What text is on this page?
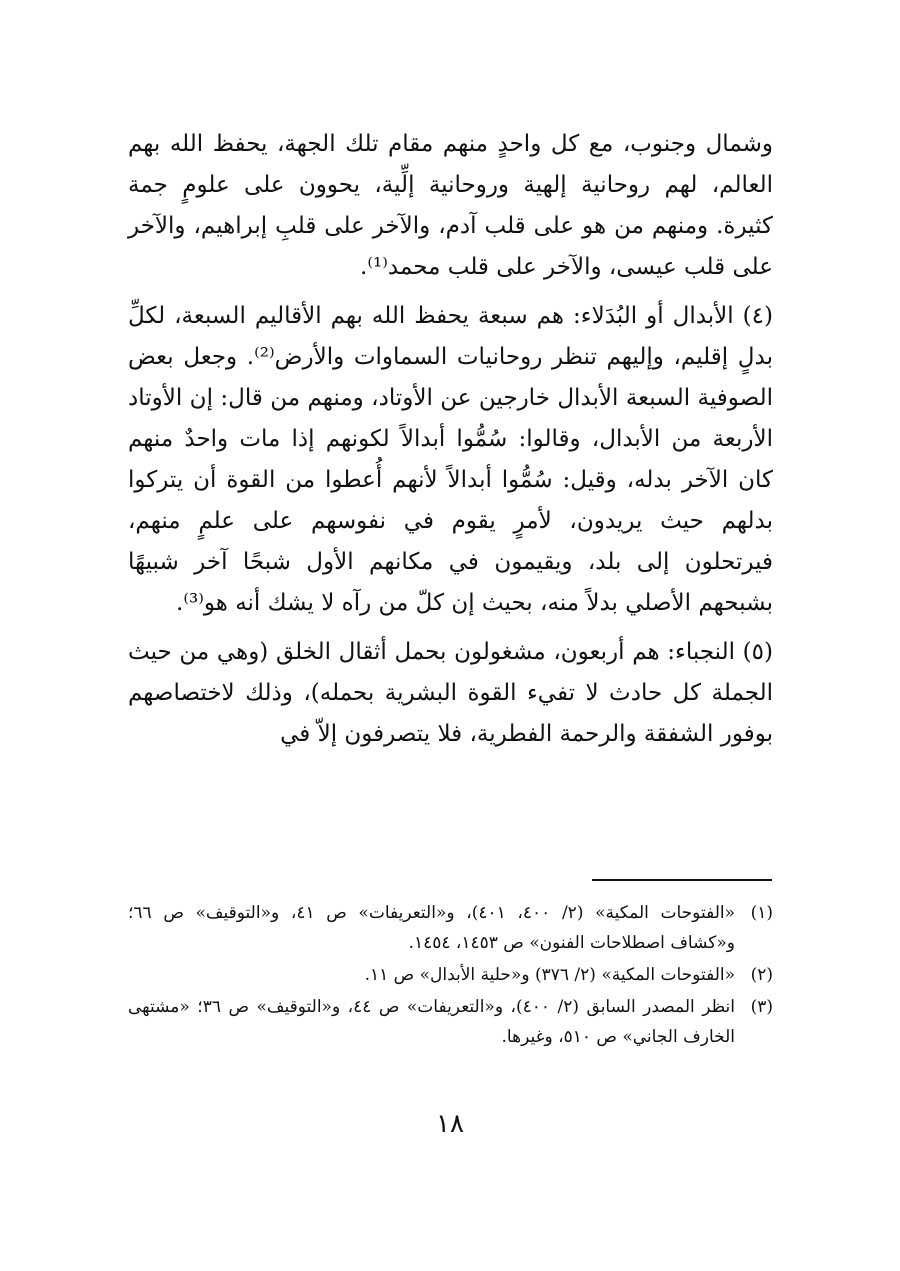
وشمال وجنوب، مع كل واحدٍ منهم مقام تلك الجهة، يحفظ الله بهم العالم، لهم روحانية إلهية وروحانية إلِّية، يحوون على علومٍ جمة كثيرة. ومنهم من هو على قلب آدم، والآخر على قلبِ إبراهيم، والآخر على قلب عيسى، والآخر على قلب محمد⁽¹⁾.

(٤) الأبدال أو البُدَلاء: هم سبعة يحفظ الله بهم الأقاليم السبعة، لكلِّ بدلٍ إقليم، وإليهم تنظر روحانيات السماوات والأرض⁽²⁾. وجعل بعض الصوفية السبعة الأبدال خارجين عن الأوتاد، ومنهم من قال: إن الأوتاد الأربعة من الأبدال، وقالوا: سُمُّوا أبدالاً لكونهم إذا مات واحدٌ منهم كان الآخر بدله، وقيل: سُمُّوا أبدالاً لأنهم أُعطوا من القوة أن يتركوا بدلهم حيث يريدون، لأمرٍ يقوم في نفوسهم على علمٍ منهم، فيرتحلون إلى بلد، ويقيمون في مكانهم الأول شبحًا آخر شبيهًا بشبحهم الأصلي بدلاً منه، بحيث إن كلّ من رآه لا يشك أنه هو⁽³⁾.

(٥) النجباء: هم أربعون، مشغولون بحمل أثقال الخلق (وهي من حيث الجملة كل حادث لا تفيء القوة البشرية بحمله)، وذلك لاختصاصهم بوفور الشفقة والرحمة الفطرية، فلا يتصرفون إلاّ في

(١)
«الفتوحات المكية» (٢/ ٤٠٠، ٤٠١)، و«التعريفات» ص ٤١، و«التوقيف» ص ٦٦؛ و«كشاف اصطلاحات الفنون» ص ١٤٥٣، ١٤٥٤.
(٢)
«الفتوحات المكية» (٢/ ٣٧٦) و«حلية الأبدال» ص ١١.
(٣)
انظر المصدر السابق (٢/ ٤٠٠)، و«التعريفات» ص ٤٤، و«التوقيف» ص ٣٦؛ «مشتهى الخارف الجاني» ص ٥١٠، وغيرها.
١٨
